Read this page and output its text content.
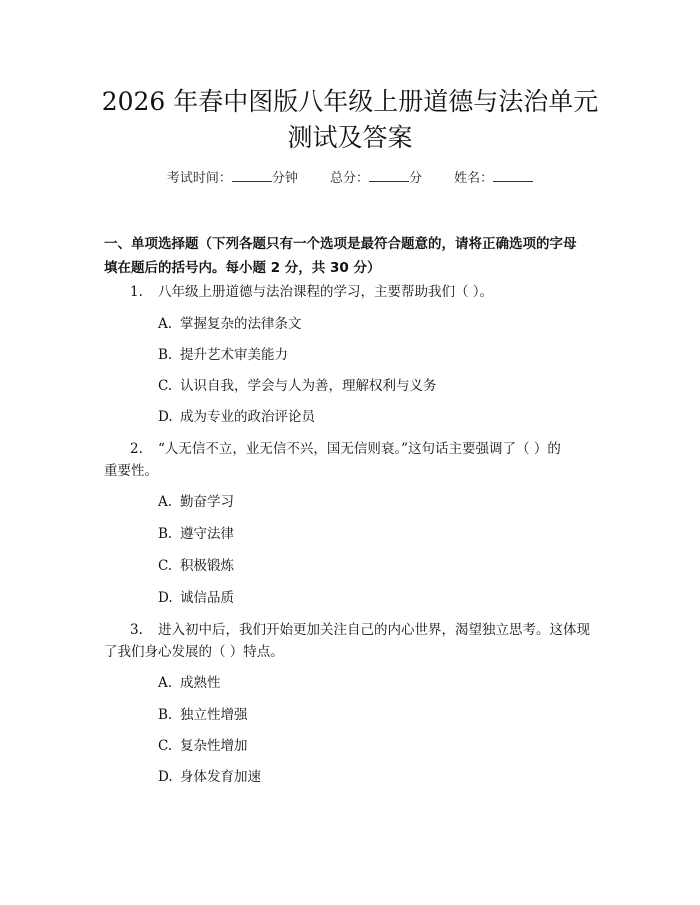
2026 年春中图版八年级上册道德与法治单元
测试及答案
考试时间：	分钟 总分：	分 姓名：
一、单项选择题（下列各题只有一个选项是最符合题意的，请将正确选项的字母
填在题后的括号内。每小题 2 分，共 30 分）
1. 八年级上册道德与法治课程的学习，主要帮助我们（ ）。
A. 掌握复杂的法律条文
B. 提升艺术审美能力
C. 认识自我，学会与人为善，理解权利与义务
D. 成为专业的政治评论员
2. “人无信不立，业无信不兴，国无信则衰。”这句话主要强调了（ ）的
重要性。
A. 勤奋学习
B. 遵守法律
C. 积极锻炼
D. 诚信品质
3. 进入初中后，我们开始更加关注自己的内心世界，渴望独立思考。这体现
了我们身心发展的（ ）特点。
A. 成熟性
B. 独立性增强
C. 复杂性增加
D. 身体发育加速
